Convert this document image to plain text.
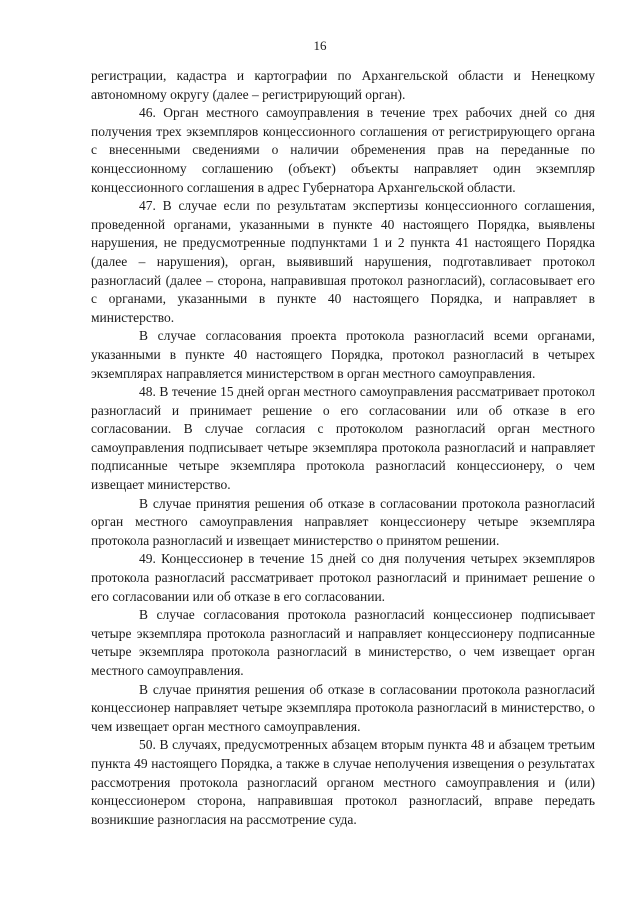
16

регистрации, кадастра и картографии по Архангельской области и Ненецкому автономному округу (далее – регистрирующий орган).

46. Орган местного самоуправления в течение трех рабочих дней со дня получения трех экземпляров концессионного соглашения от регистрирующего органа с внесенными сведениями о наличии обременения прав на переданные по концессионному соглашению (объект) объекты направляет один экземпляр концессионного соглашения в адрес Губернатора Архангельской области.

47. В случае если по результатам экспертизы концессионного соглашения, проведенной органами, указанными в пункте 40 настоящего Порядка, выявлены нарушения, не предусмотренные подпунктами 1 и 2 пункта 41 настоящего Порядка (далее – нарушения), орган, выявивший нарушения, подготавливает протокол разногласий (далее – сторона, направившая протокол разногласий), согласовывает его с органами, указанными в пункте 40 настоящего Порядка, и направляет в министерство.

В случае согласования проекта протокола разногласий всеми органами, указанными в пункте 40 настоящего Порядка, протокол разногласий в четырех экземплярах направляется министерством в орган местного самоуправления.

48. В течение 15 дней орган местного самоуправления рассматривает протокол разногласий и принимает решение о его согласовании или об отказе в его согласовании. В случае согласия с протоколом разногласий орган местного самоуправления подписывает четыре экземпляра протокола разногласий и направляет подписанные четыре экземпляра протокола разногласий концессионеру, о чем извещает министерство.

В случае принятия решения об отказе в согласовании протокола разногласий орган местного самоуправления направляет концессионеру четыре экземпляра протокола разногласий и извещает министерство о принятом решении.

49. Концессионер в течение 15 дней со дня получения четырех экземпляров протокола разногласий рассматривает протокол разногласий и принимает решение о его согласовании или об отказе в его согласовании.

В случае согласования протокола разногласий концессионер подписывает четыре экземпляра протокола разногласий и направляет концессионеру подписанные четыре экземпляра протокола разногласий в министерство, о чем извещает орган местного самоуправления.

В случае принятия решения об отказе в согласовании протокола разногласий концессионер направляет четыре экземпляра протокола разногласий в министерство, о чем извещает орган местного самоуправления.

50. В случаях, предусмотренных абзацем вторым пункта 48 и абзацем третьим пункта 49 настоящего Порядка, а также в случае неполучения извещения о результатах рассмотрения протокола разногласий органом местного самоуправления и (или) концессионером сторона, направившая протокол разногласий, вправе передать возникшие разногласия на рассмотрение суда.
